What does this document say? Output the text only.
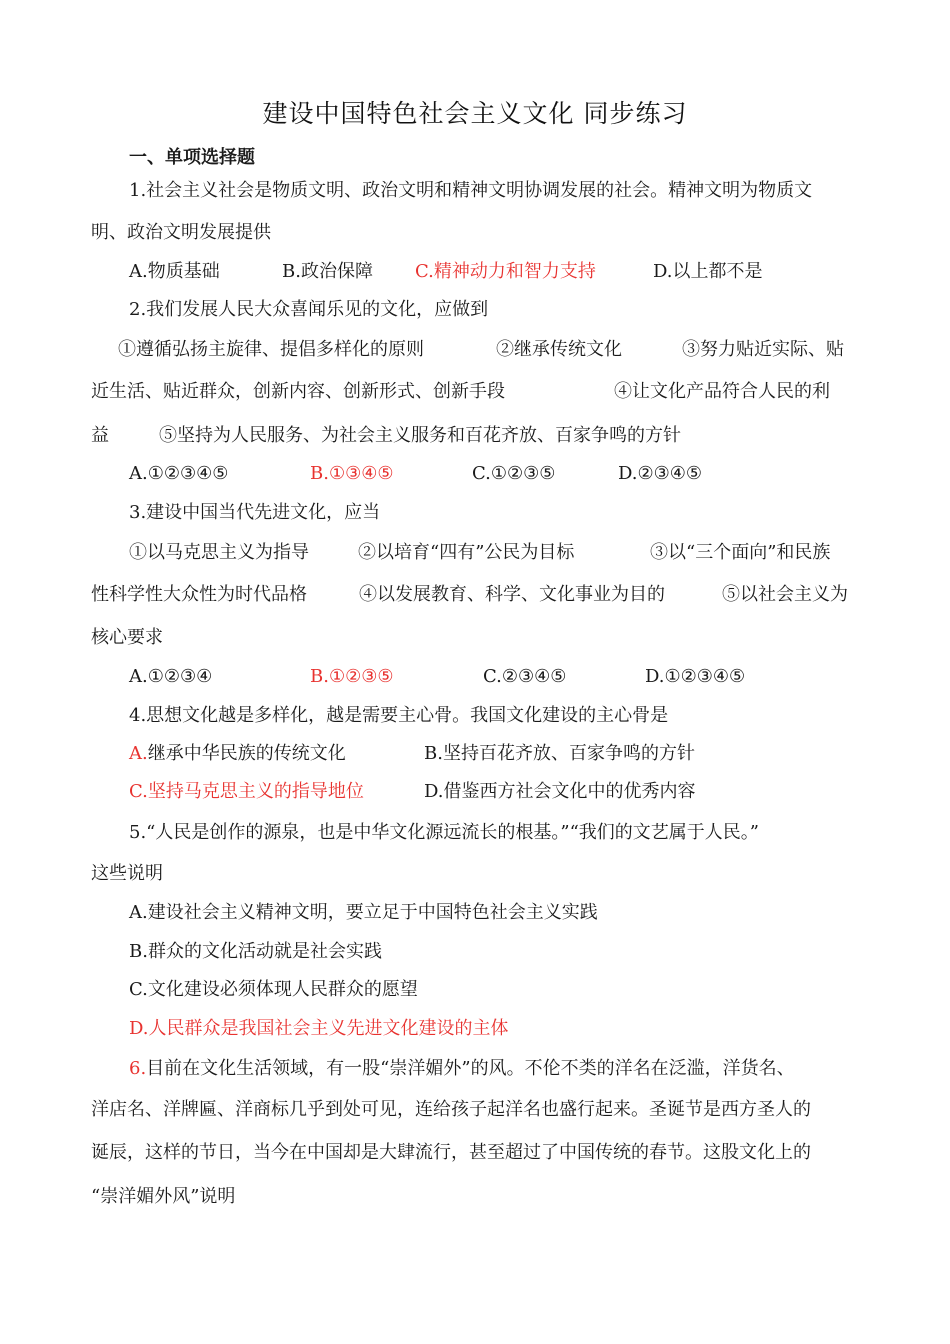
建设中国特色社会主义文化 同步练习
一、单项选择题
1.社会主义社会是物质文明、政治文明和精神文明协调发展的社会。精神文明为物质文
明、政治文明发展提供
A.物质基础	B.政治保障 C.精神动力和智力支持	D.以上都不是
2.我们发展人民大众喜闻乐见的文化，应做到
①遵循弘扬主旋律、提倡多样化的原则	②继承传统文化	③努力贴近实际、贴
近生活、贴近群众，创新内容、创新形式、创新手段	④让文化产品符合人民的利
益	⑤坚持为人民服务、为社会主义服务和百花齐放、百家争鸣的方针
A.①②③④⑤	B.①③④⑤	C.①②③⑤	D.②③④⑤
3.建设中国当代先进文化，应当
①以马克思主义为指导	②以培育“四有”公民为目标	③以“三个面向”和民族
性科学性大众性为时代品格	④以发展教育、科学、文化事业为目的	⑤以社会主义为
核心要求
A.①②③④	B.①②③⑤	C.②③④⑤	D.①②③④⑤
4.思想文化越是多样化，越是需要主心骨。我国文化建设的主心骨是
A.继承中华民族的传统文化	B.坚持百花齐放、百家争鸣的方针
C.坚持马克思主义的指导地位	D.借鉴西方社会文化中的优秀内容
5.“人民是创作的源泉，也是中华文化源远流长的根基。”“我们的文艺属于人民。”
这些说明
A.建设社会主义精神文明，要立足于中国特色社会主义实践
B.群众的文化活动就是社会实践
C.文化建设必须体现人民群众的愿望
D.人民群众是我国社会主义先进文化建设的主体
6.目前在文化生活领域，有一股“崇洋媚外”的风。不伦不类的洋名在泛滥，洋货名、
洋店名、洋牌匾、洋商标几乎到处可见，连给孩子起洋名也盛行起来。圣诞节是西方圣人的
诞辰，这样的节日，当今在中国却是大肆流行，甚至超过了中国传统的春节。这股文化上的
“崇洋媚外风”说明
